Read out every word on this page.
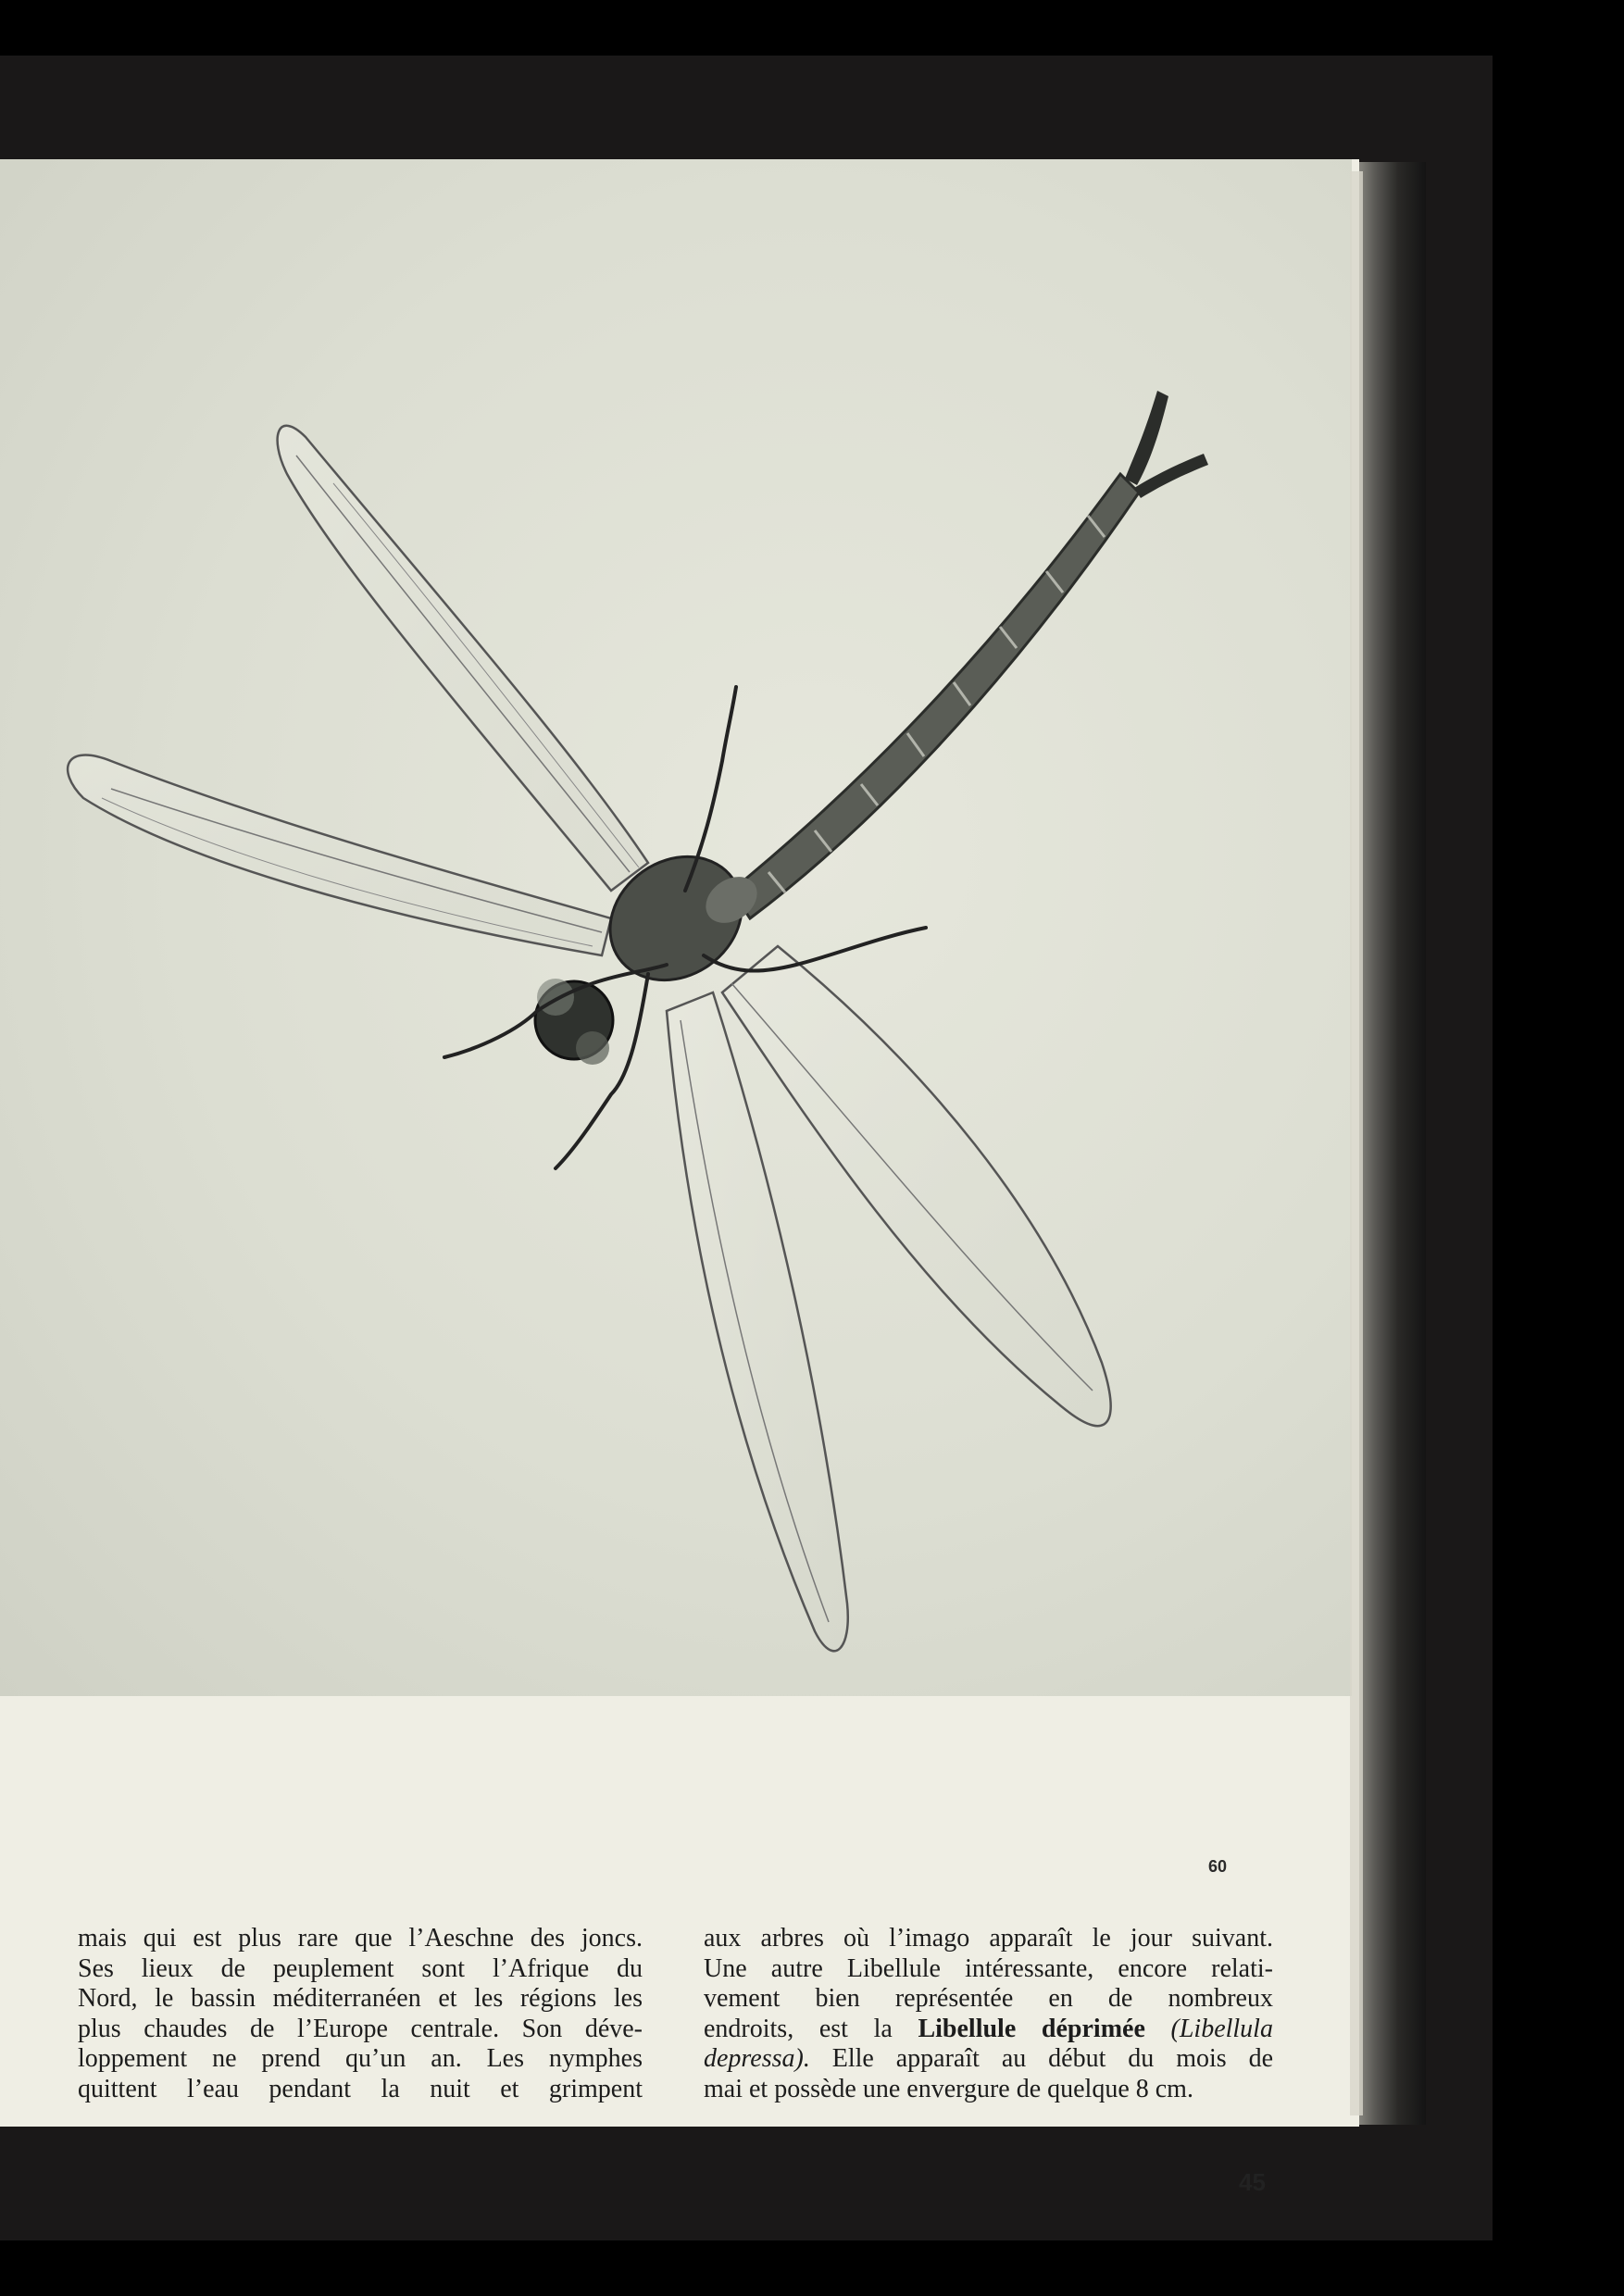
60
mais qui est plus rare que l’Aeschne des joncs.
Ses lieux de peuplement sont l’Afrique du
Nord, le bassin méditerranéen et les régions les
plus chaudes de l’Europe centrale. Son déve-
loppement ne prend qu’un an. Les nymphes
quittent l’eau pendant la nuit et grimpent
aux arbres où l’imago apparaît le jour suivant.
Une autre Libellule intéressante, encore relati-
vement bien représentée en de nombreux
endroits, est la Libellule déprimée (Libellula
depressa). Elle apparaît au début du mois de
mai et possède une envergure de quelque 8 cm.
45
